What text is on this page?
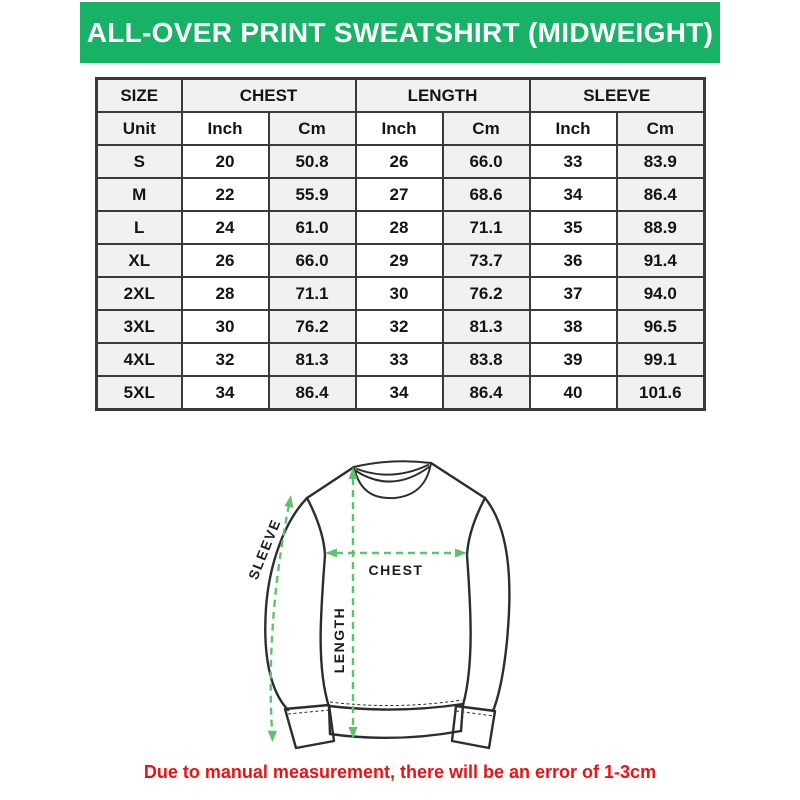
ALL-OVER PRINT SWEATSHIRT (MIDWEIGHT)
SIZE	CHEST		LENGTH		SLEEVE	
Unit	Inch	Cm	Inch	Cm	Inch	Cm
S	20	50.8	26	66.0	33	83.9
M	22	55.9	27	68.6	34	86.4
L	24	61.0	28	71.1	35	88.9
XL	26	66.0	29	73.7	36	91.4
2XL	28	71.1	30	76.2	37	94.0
3XL	30	76.2	32	81.3	38	96.5
4XL	32	81.3	33	83.8	39	99.1
5XL	34	86.4	34	86.4	40	101.6
CHEST
LENGTH
SLEEVE
Due to manual measurement, there will be an error of 1-3cm
